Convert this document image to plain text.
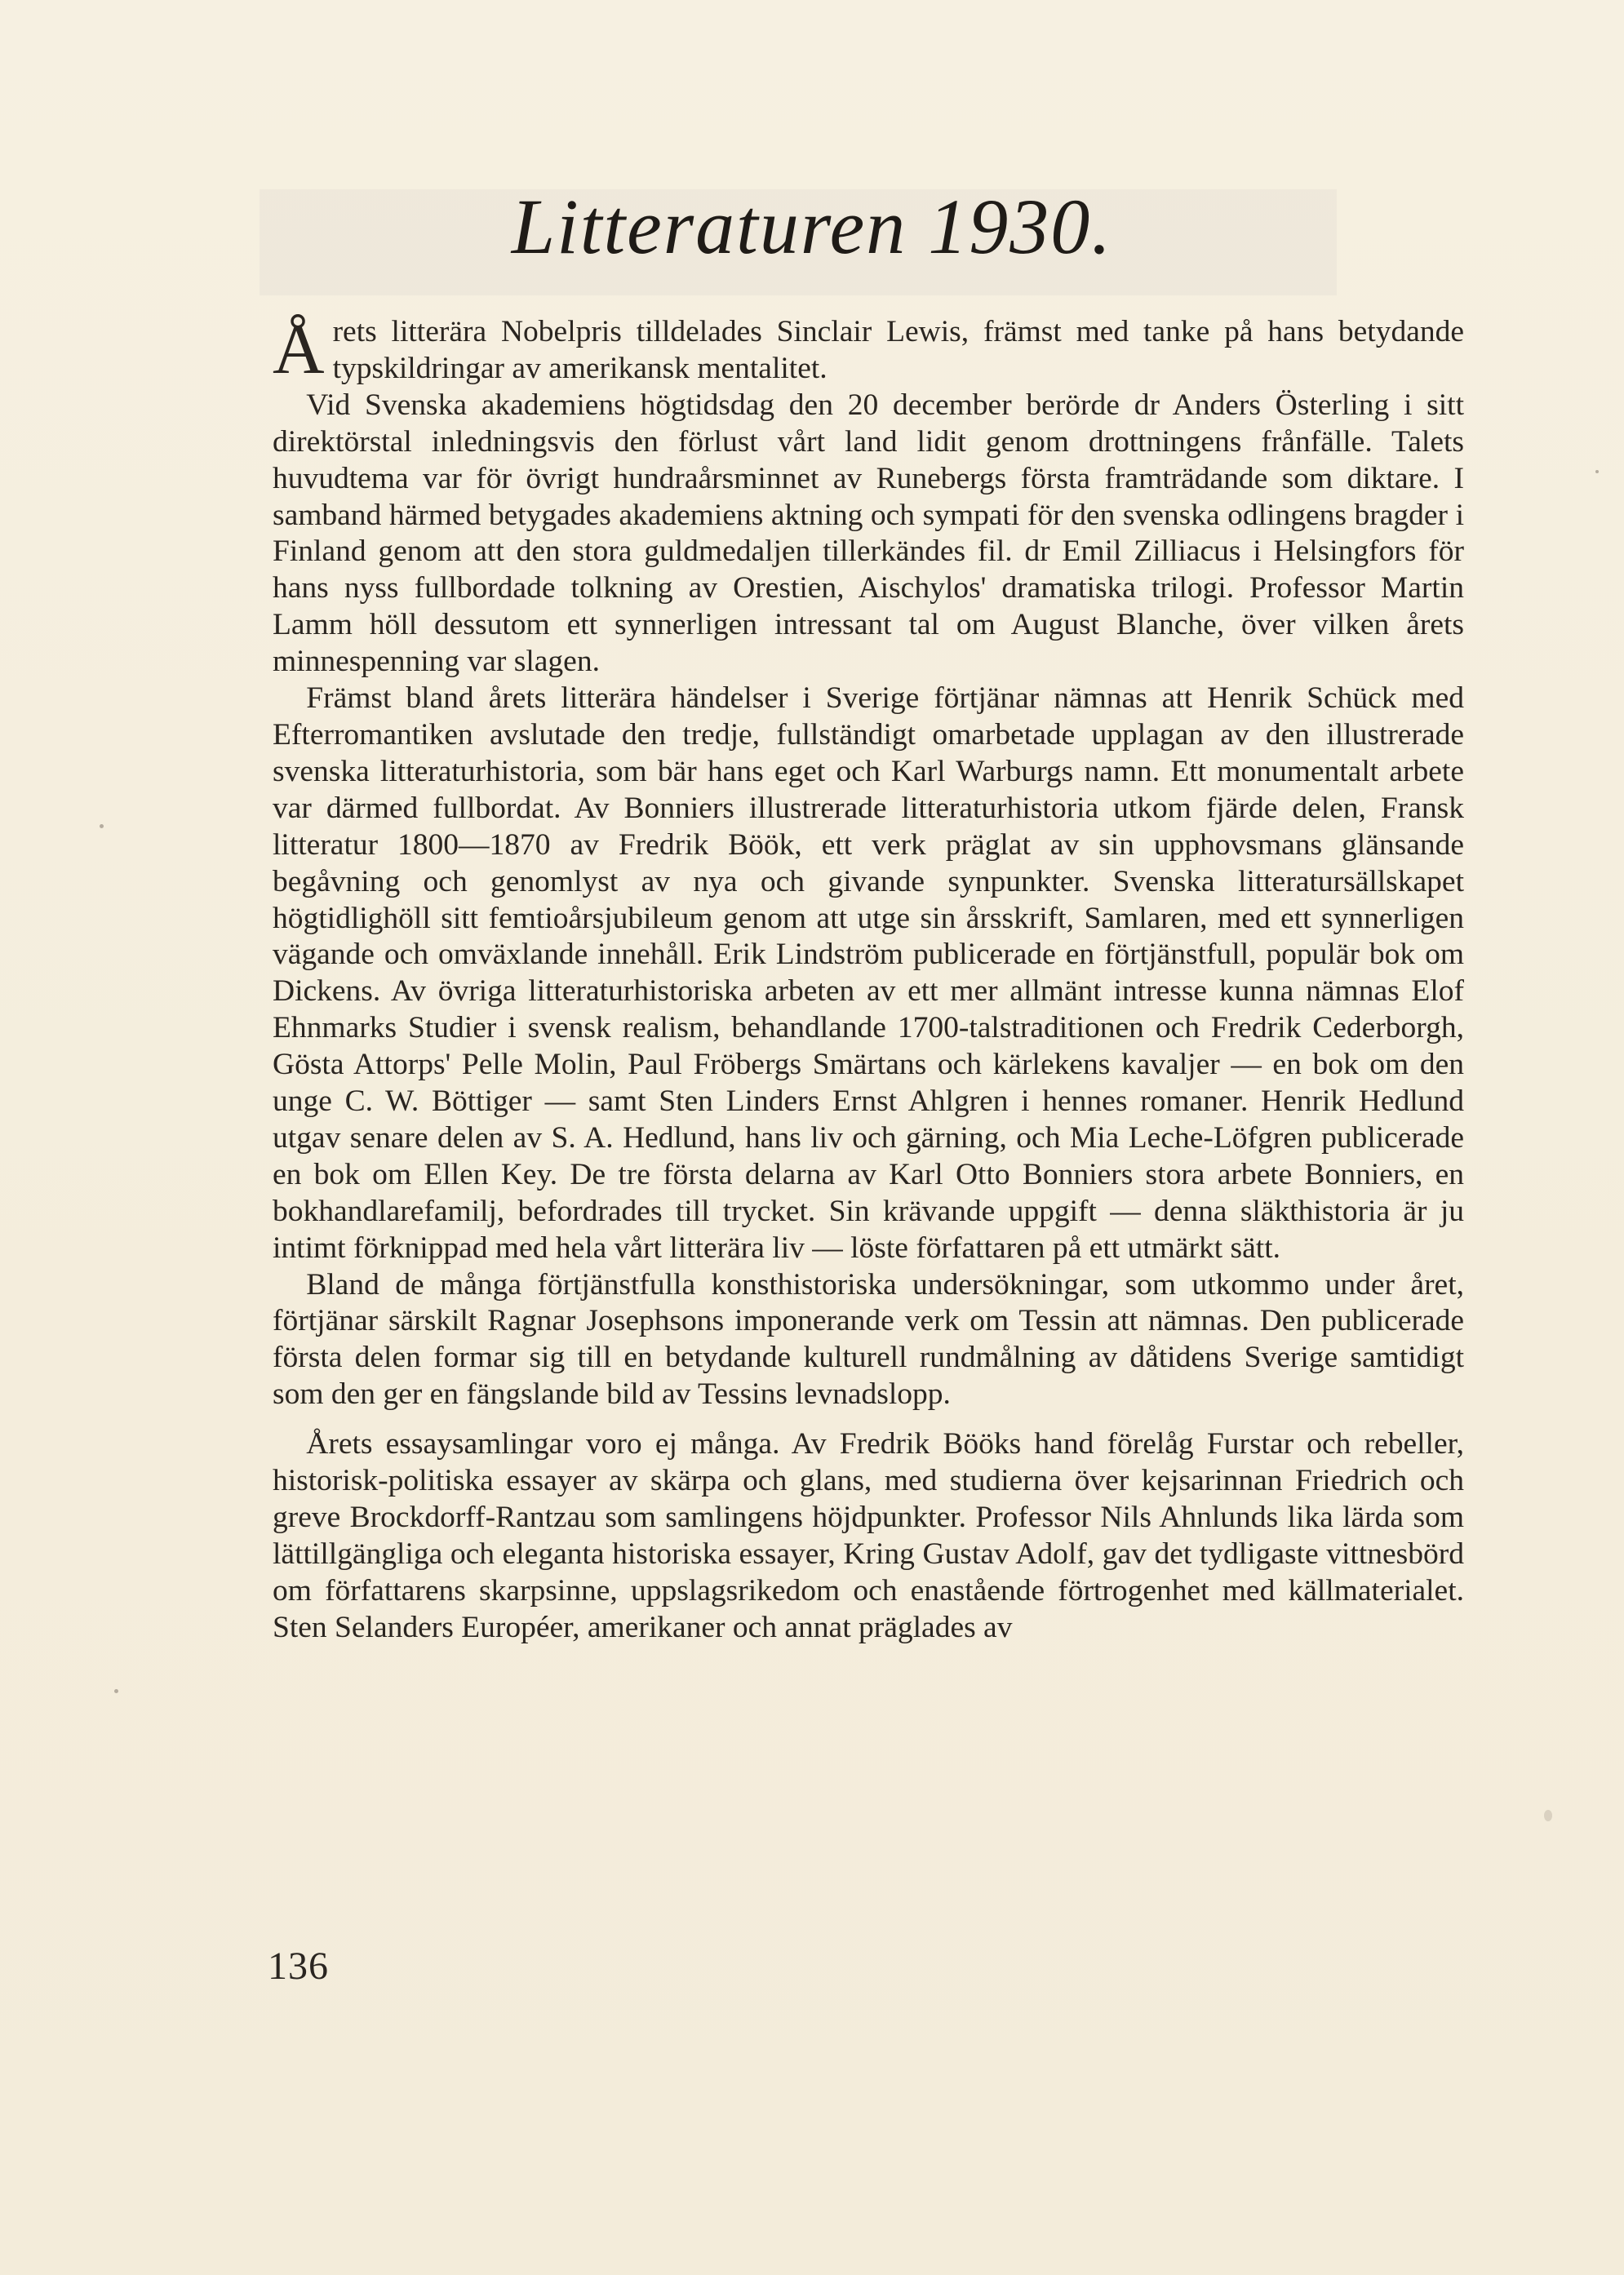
Litteraturen 1930.

Årets litterära Nobelpris tilldelades Sinclair Lewis, främst med tanke på hans betydande typskildringar av amerikansk mentalitet.

Vid Svenska akademiens högtidsdag den 20 december berörde dr Anders Österling i sitt direktörstal inledningsvis den förlust vårt land lidit genom drottningens frånfälle. Talets huvudtema var för övrigt hundraårsminnet av Runebergs första framträdande som diktare. I samband härmed betygades akademiens aktning och sympati för den svenska odlingens bragder i Finland genom att den stora guldmedaljen tillerkändes fil. dr Emil Zilliacus i Helsingfors för hans nyss fullbordade tolkning av Orestien, Aischylos' dramatiska trilogi. Professor Martin Lamm höll dessutom ett synnerligen intressant tal om August Blanche, över vilken årets minnespenning var slagen.

Främst bland årets litterära händelser i Sverige förtjänar nämnas att Henrik Schück med Efterromantiken avslutade den tredje, fullständigt omarbetade upplagan av den illustrerade svenska litteraturhistoria, som bär hans eget och Karl Warburgs namn. Ett monumentalt arbete var därmed fullbordat. Av Bonniers illustrerade litteraturhistoria utkom fjärde delen, Fransk litteratur 1800—1870 av Fredrik Böök, ett verk präglat av sin upphovsmans glänsande begåvning och genomlyst av nya och givande synpunkter. Svenska litteratursällskapet högtidlighöll sitt femtioårsjubileum genom att utge sin årsskrift, Samlaren, med ett synnerligen vägande och omväxlande innehåll. Erik Lindström publicerade en förtjänstfull, populär bok om Dickens. Av övriga litteraturhistoriska arbeten av ett mer allmänt intresse kunna nämnas Elof Ehnmarks Studier i svensk realism, behandlande 1700-talstraditionen och Fredrik Cederborgh, Gösta Attorps' Pelle Molin, Paul Fröbergs Smärtans och kärlekens kavaljer — en bok om den unge C. W. Böttiger — samt Sten Linders Ernst Ahlgren i hennes romaner. Henrik Hedlund utgav senare delen av S. A. Hedlund, hans liv och gärning, och Mia Leche-Löfgren publicerade en bok om Ellen Key. De tre första delarna av Karl Otto Bonniers stora arbete Bonniers, en bokhandlarefamilj, befordrades till trycket. Sin krävande uppgift — denna släkthistoria är ju intimt förknippad med hela vårt litterära liv — löste författaren på ett utmärkt sätt.

Bland de många förtjänstfulla konsthistoriska undersökningar, som utkommo under året, förtjänar särskilt Ragnar Josephsons imponerande verk om Tessin att nämnas. Den publicerade första delen formar sig till en betydande kulturell rundmålning av dåtidens Sverige samtidigt som den ger en fängslande bild av Tessins levnadslopp.

Årets essaysamlingar voro ej många. Av Fredrik Bööks hand förelåg Furstar och rebeller, historisk-politiska essayer av skärpa och glans, med studierna över kejsarinnan Friedrich och greve Brockdorff-Rantzau som samlingens höjdpunkter. Professor Nils Ahnlunds lika lärda som lättillgängliga och eleganta historiska essayer, Kring Gustav Adolf, gav det tydligaste vittnesbörd om författarens skarpsinne, uppslagsrikedom och enastående förtrogenhet med källmaterialet. Sten Selanders Européer, amerikaner och annat präglades av

136
